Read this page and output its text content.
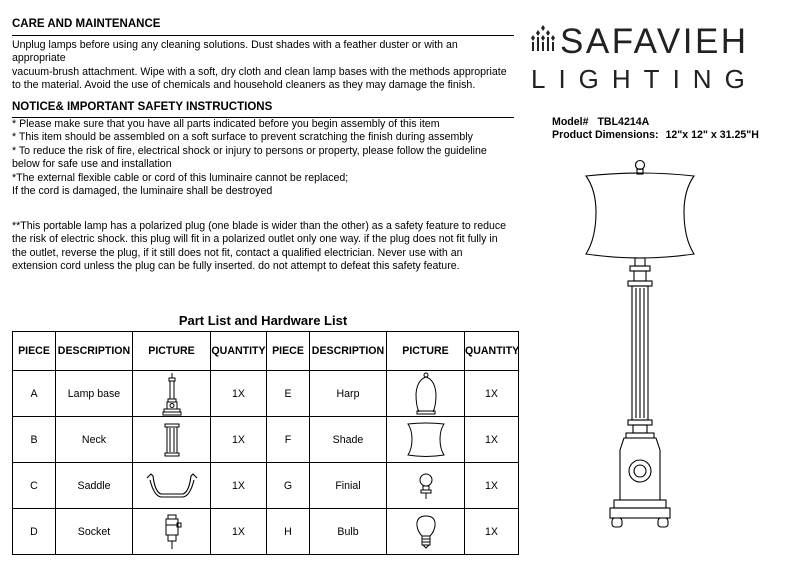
CARE AND MAINTENANCE
Unplug lamps before using any cleaning solutions. Dust shades with a feather duster or with an
appropriate
vacuum-brush attachment. Wipe with a soft, dry cloth and clean lamp bases with the methods appropriate
to the material. Avoid the use of chemicals and household cleaners as they may damage the finish.
NOTICE& IMPORTANT SAFETY INSTRUCTIONS
* Please make sure that you have all parts indicated before you begin assembly of this item
* This item should be assembled on a soft surface to prevent scratching the finish during assembly
* To reduce the risk of fire, electrical shock or injury to persons or property, please follow the guideline
below for safe use and installation
*The external flexible cable or cord of this luminaire cannot be replaced;
If the cord is damaged, the luminaire shall be destroyed
**This portable lamp has a polarized plug (one blade is wider than the other) as a safety feature to reduce
the risk of electric shock. this plug will fit in a polarized outlet only one way. if the plug does not fit fully in
the outlet, reverse the plug, if it still does not fit, contact a qualified electrician. Never use with an
extension cord unless the plug can be fully inserted. do not attempt to defeat this safety feature.
SAFAVIEH
LIGHTING
Model# TBL4214A
Product Dimensions: 12"x 12" x 31.25"H
Part List and Hardware List
PIECE	DESCRIPTION	PICTURE	QUANTITY	PIECE	DESCRIPTION	PICTURE	QUANTITY
A	Lamp base		1X	E	Harp		1X
B	Neck		1X	F	Shade		1X
C	Saddle		1X	G	Finial		1X
D	Socket		1X	H	Bulb		1X
